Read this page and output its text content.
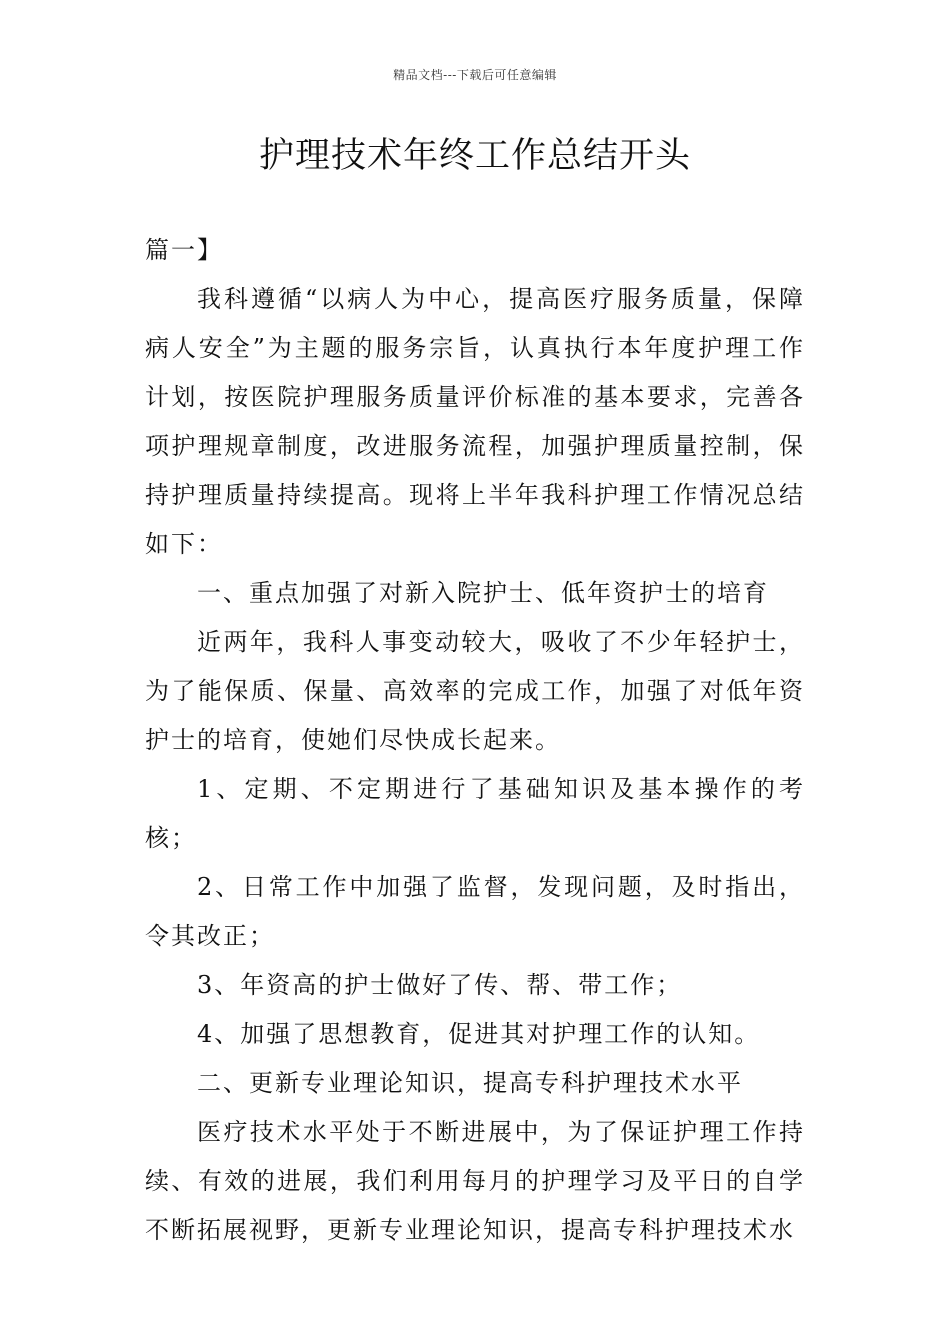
精品文档---下载后可任意编辑
护理技术年终工作总结开头

篇一】

我科遵循“以病人为中心，提高医疗服务质量，保障病人安全”为主题的服务宗旨，认真执行本年度护理工作计划，按医院护理服务质量评价标准的基本要求，完善各项护理规章制度，改进服务流程，加强护理质量控制，保持护理质量持续提高。现将上半年我科护理工作情况总结如下：

一、重点加强了对新入院护士、低年资护士的培育

近两年，我科人事变动较大，吸收了不少年轻护士，为了能保质、保量、高效率的完成工作，加强了对低年资护士的培育，使她们尽快成长起来。

1、定期、不定期进行了基础知识及基本操作的考核；

2、日常工作中加强了监督，发现问题，及时指出，令其改正；

3、年资高的护士做好了传、帮、带工作；

4、加强了思想教育，促进其对护理工作的认知。

二、更新专业理论知识，提高专科护理技术水平

医疗技术水平处于不断进展中，为了保证护理工作持续、有效的进展，我们利用每月的护理学习及平日的自学不断拓展视野，更新专业理论知识，提高专科护理技术水
